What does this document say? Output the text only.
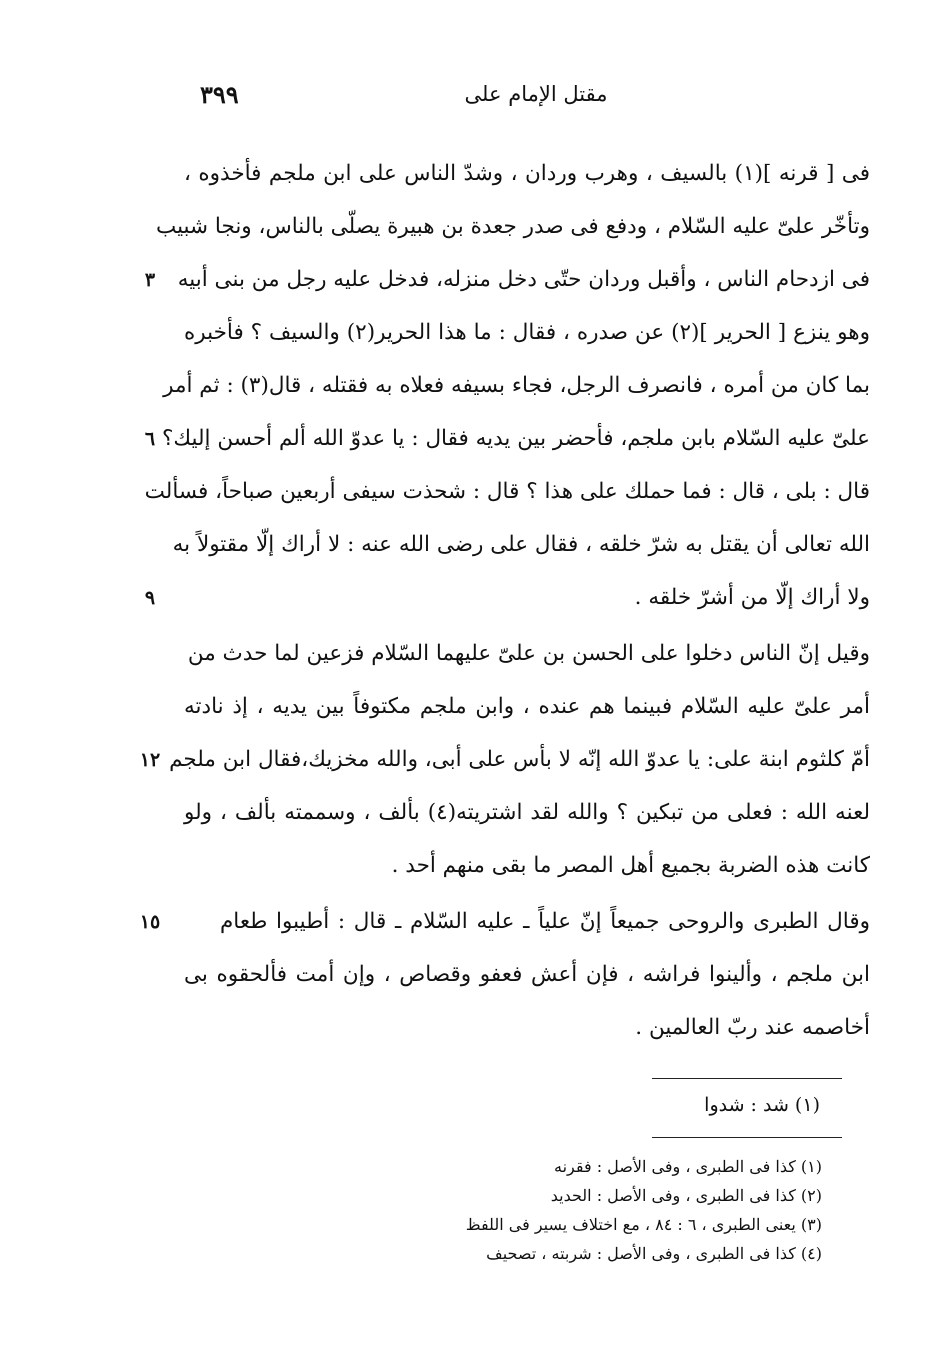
مقتل الإمام على
٣٩٩
فى [ قرنه ](١) بالسيف ، وهرب وردان ، وشدّ الناس على ابن ملجم فأخذوه ،
وتأخّر علىّ عليه السّلام ، ودفع فى صدر جعدة بن هبيرة يصلّى بالناس، ونجا شبيب
فى ازدحام الناس ، وأقبل وردان حتّى دخل منزله، فدخل عليه رجل من بنى أبيه
٣
وهو ينزع [ الحرير ](٢) عن صدره ، فقال : ما هذا الحرير(٢) والسيف ؟ فأخبره
بما كان من أمره ، فانصرف الرجل، فجاء بسيفه فعلاه به فقتله ، قال(٣) : ثم أمر
علىّ عليه السّلام بابن ملجم، فأحضر بين يديه فقال : يا عدوّ الله ألم أحسن إليك؟
٦
قال : بلى ، قال : فما حملك على هذا ؟ قال : شحذت سيفى أربعين صباحاً، فسألت
الله تعالى أن يقتل به شرّ خلقه ، فقال على رضى الله عنه : لا أراك إلّا مقتولاً به
ولا أراك إلّا من أشرّ خلقه .
٩
وقيل إنّ الناس دخلوا على الحسن بن علىّ عليهما السّلام فزعين لما حدث من
أمر علىّ عليه السّلام فبينما هم عنده ، وابن ملجم مكتوفاً بين يديه ، إذ نادته
أمّ كلثوم ابنة على: يا عدوّ الله إنّه لا بأس على أبى، والله مخزيك،فقال ابن ملجم
١٢
لعنه الله : فعلى من تبكين ؟ والله لقد اشتريته(٤) بألف ، وسممته بألف ، ولو
كانت هذه الضربة بجميع أهل المصر ما بقى منهم أحد .
وقال الطبرى والروحى جميعاً إنّ علياً ـ عليه السّلام ـ قال : أطيبوا طعام
١٥
ابن ملجم ، وألينوا فراشه ، فإن أعش فعفو وقصاص ، وإن أمت فألحقوه بى
أخاصمه عند ربّ العالمين .
(١) شد : شدوا
(١) كذا فى الطبرى ، وفى الأصل : فقرنه
(٢) كذا فى الطبرى ، وفى الأصل : الحديد
(٣) يعنى الطبرى ، ٦ : ٨٤ ، مع اختلاف يسير فى اللفظ
(٤) كذا فى الطبرى ، وفى الأصل : شربته ، تصحيف
